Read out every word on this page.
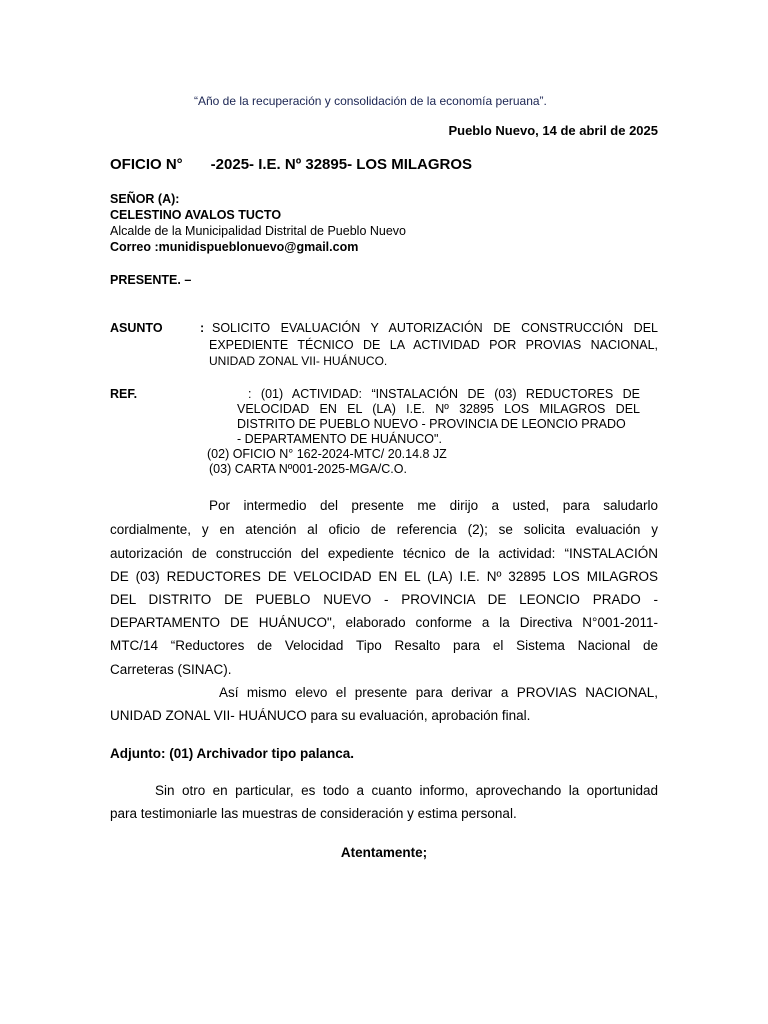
“Año de la recuperación y consolidación de la economía peruana”.
Pueblo Nuevo, 14 de abril de 2025
OFICIO N° -2025- I.E. Nº 32895- LOS MILAGROS
SEÑOR (A):
CELESTINO AVALOS TUCTO
Alcalde de la Municipalidad Distrital de Pueblo Nuevo
Correo :munidispueblonuevo@gmail.com
PRESENTE. –
ASUNTO	: SOLICITO EVALUACIÓN Y AUTORIZACIÓN DE CONSTRUCCIÓN DEL
EXPEDIENTE TÉCNICO DE LA ACTIVIDAD POR PROVIAS NACIONAL,
UNIDAD ZONAL VII- HUÁNUCO.
REF.	: (01) ACTIVIDAD: “INSTALACIÓN DE (03) REDUCTORES DE
VELOCIDAD EN EL (LA) I.E. Nº 32895 LOS MILAGROS DEL
DISTRITO DE PUEBLO NUEVO - PROVINCIA DE LEONCIO PRADO
- DEPARTAMENTO DE HUÁNUCO".
(02) OFICIO N° 162-2024-MTC/ 20.14.8 JZ
(03) CARTA Nº001-2025-MGA/C.O.
Por intermedio del presente me dirijo a usted, para saludarlo
cordialmente, y en atención al oficio de referencia (2); se solicita evaluación y
autorización de construcción del expediente técnico de la actividad: “INSTALACIÓN
DE (03) REDUCTORES DE VELOCIDAD EN EL (LA) I.E. Nº 32895 LOS MILAGROS
DEL DISTRITO DE PUEBLO NUEVO - PROVINCIA DE LEONCIO PRADO -
DEPARTAMENTO DE HUÁNUCO", elaborado conforme a la Directiva N°001-2011-
MTC/14 “Reductores de Velocidad Tipo Resalto para el Sistema Nacional de
Carreteras (SINAC).
Así mismo elevo el presente para derivar a PROVIAS NACIONAL,
UNIDAD ZONAL VII- HUÁNUCO para su evaluación, aprobación final.
Adjunto: (01) Archivador tipo palanca.
Sin otro en particular, es todo a cuanto informo, aprovechando la oportunidad
para testimoniarle las muestras de consideración y estima personal.
Atentamente;
